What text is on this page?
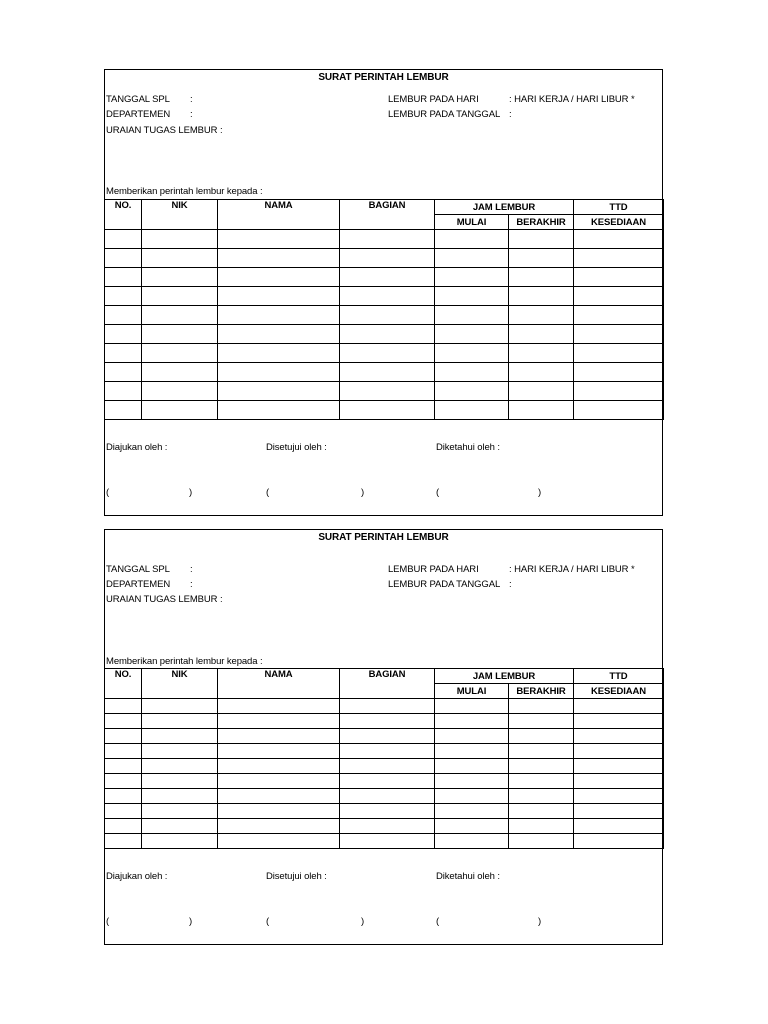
SURAT PERINTAH LEMBUR
TANGGAL SPL :	LEMBUR PADA HARI	: HARI KERJA / HARI LIBUR *
DEPARTEMEN :	LEMBUR PADA TANGGAL :
URAIAN TUGAS LEMBUR :
Memberikan perintah lembur kepada :
NO.	NIK	NAMA	BAGIAN	JAM LEMBUR		TTD
				MULAI	BERAKHIR	KESEDIAAN

Diajukan oleh :	Disetujui oleh :	Diketahui oleh :
(	)	(	)	(	)
SURAT PERINTAH LEMBUR
TANGGAL SPL :	LEMBUR PADA HARI	: HARI KERJA / HARI LIBUR *
DEPARTEMEN :	LEMBUR PADA TANGGAL :
URAIAN TUGAS LEMBUR :
Memberikan perintah lembur kepada :
NO.	NIK	NAMA	BAGIAN	JAM LEMBUR		TTD
				MULAI	BERAKHIR	KESEDIAAN

Diajukan oleh :	Disetujui oleh :	Diketahui oleh :
(	)	(	)	(	)
